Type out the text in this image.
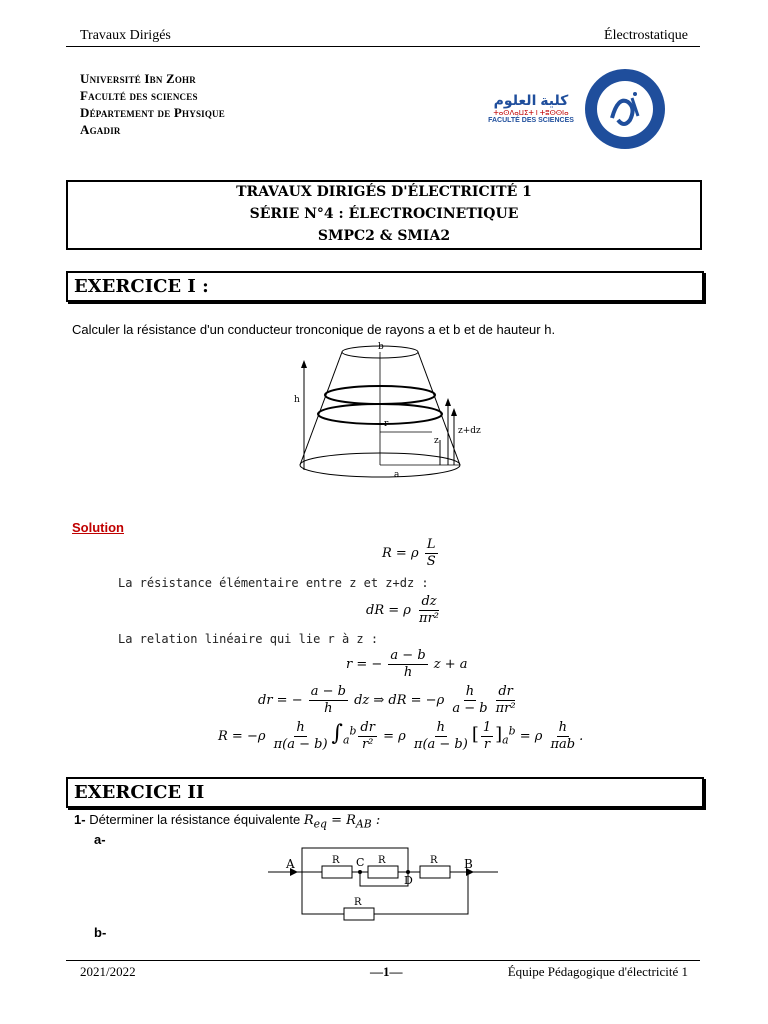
Travaux Dirigés	Électrostatique
Université Ibn Zohr
Faculté des sciences
Département de Physique
Agadir
كلية العلوم
ⵜⴰⵙⴷⴰⵡⵉⵜ ⵏ ⵜⵓⵙⵙⵏⴰ
FACULTÉ DES SCIENCES
TRAVAUX DIRIGÉS D'ÉLECTRICITÉ 1
SÉRIE N°4 : ÉLECTROCINETIQUE
SMPC2 & SMIA2
EXERCICE I :
Calculer la résistance d'un conducteur tronconique de rayons a et b et de hauteur h.
b
h
r
z
z+dz
a
Solution
R = ρ $\frac{L}{S}$
La résistance élémentaire entre z et z+dz :
dR = ρ $\frac{dz}{\text{πr²}}$
La relation linéaire qui lie r à z :
r = − $\frac{a - b}{h}$ z + a
dr = − $\frac{a - b}{h}$ dz ⇒ dR = $-\rho \frac{h}{a - b} \frac{dr}{\text{πr²}}$
$R = -\rho \frac{h}{\pi(a - b)} \int_a^b \frac{dr}{\text{r²}} = \rho \frac{h}{\pi(a - b)}$ [ $\frac{1}{r} ]_a^b = \rho \frac{h}{\text{πab}}$ .
EXERCICE II
1- Déterminer la résistance équivalente $R_{eq} = R_{AB}$ :
a-
A	B
C
D
R	R	R
R
b-
2021/2022	—1—	Équipe Pédagogique d'électricité 1
